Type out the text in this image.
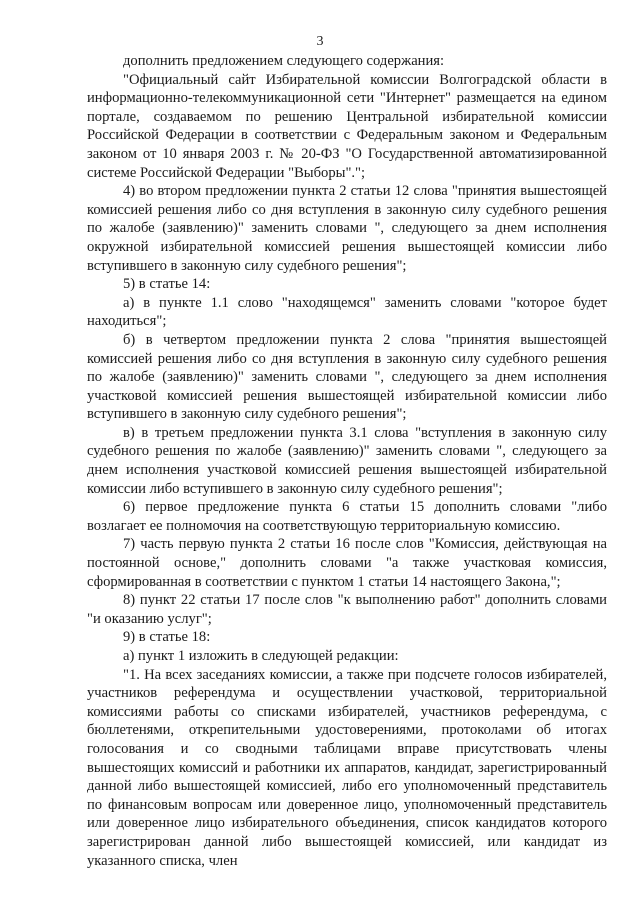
3

дополнить предложением следующего содержания:

"Официальный сайт Избирательной комиссии Волгоградской области в информационно-телекоммуникационной сети "Интернет" размещается на едином портале, создаваемом по решению Центральной избирательной комиссии Российской Федерации в соответствии с Федеральным законом и Федеральным законом от 10 января 2003 г. № 20-ФЗ "О Государственной автоматизированной системе Российской Федерации "Выборы".";

4) во втором предложении пункта 2 статьи 12 слова "принятия вышестоящей комиссией решения либо со дня вступления в законную силу судебного решения по жалобе (заявлению)" заменить словами ", следующего за днем исполнения окружной избирательной комиссией решения вышестоящей комиссии либо вступившего в законную силу судебного решения";

5) в статье 14:

а) в пункте 1.1 слово "находящемся" заменить словами "которое будет находиться";

б) в четвертом предложении пункта 2 слова "принятия вышестоящей комиссией решения либо со дня вступления в законную силу судебного решения по жалобе (заявлению)" заменить словами ", следующего за днем исполнения участковой комиссией решения вышестоящей избирательной комиссии либо вступившего в законную силу судебного решения";

в) в третьем предложении пункта 3.1 слова "вступления в законную силу судебного решения по жалобе (заявлению)" заменить словами ", следующего за днем исполнения участковой комиссией решения вышестоящей избирательной комиссии либо вступившего в законную силу судебного решения";

6) первое предложение пункта 6 статьи 15 дополнить словами "либо возлагает ее полномочия на соответствующую территориальную комиссию.

7) часть первую пункта 2 статьи 16 после слов "Комиссия, действующая на постоянной основе," дополнить словами "а также участковая комиссия, сформированная в соответствии с пунктом 1 статьи 14 настоящего Закона,";

8) пункт 22 статьи 17 после слов "к выполнению работ" дополнить словами "и оказанию услуг";

9) в статье 18:

а) пункт 1 изложить в следующей редакции:

"1. На всех заседаниях комиссии, а также при подсчете голосов избирателей, участников референдума и осуществлении участковой, территориальной комиссиями работы со списками избирателей, участников референдума, с бюллетенями, открепительными удостоверениями, протоколами об итогах голосования и со сводными таблицами вправе присутствовать члены вышестоящих комиссий и работники их аппаратов, кандидат, зарегистрированный данной либо вышестоящей комиссией, либо его уполномоченный представитель по финансовым вопросам или доверенное лицо, уполномоченный представитель или доверенное лицо избирательного объединения, список кандидатов которого зарегистрирован данной либо вышестоящей комиссией, или кандидат из указанного списка, член
